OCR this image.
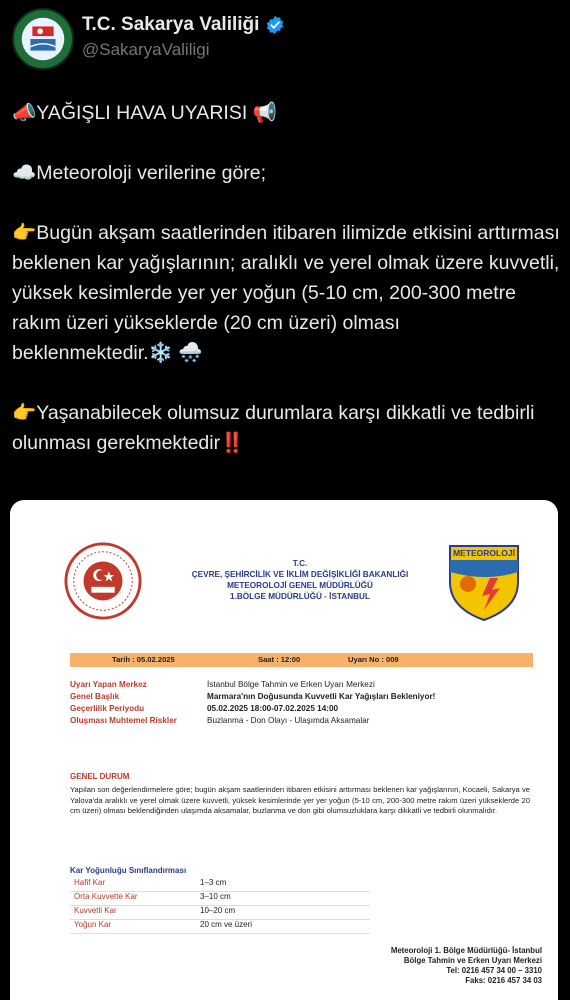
T.C. Sakarya Valiliği
@SakaryaValiligi

📣YAĞIŞLI HAVA UYARISI 📢

☁️Meteoroloji verilerine göre;

👉Bugün akşam saatlerinden itibaren ilimizde etkisini arttırması beklenen kar yağışlarının; aralıklı ve yerel olmak üzere kuvvetli, yüksek kesimlerde yer yer yoğun (5-10 cm, 200-300 metre rakım üzeri yükseklerde (20 cm üzeri) olması beklenmektedir.❄️ 🌨️

👉Yaşanabilecek olumsuz durumlara karşı dikkatli ve tedbirli olunması gerekmektedir‼️

T.C.
ÇEVRE, ŞEHİRCİLİK VE İKLİM DEĞİŞİKLİĞİ BAKANLIĞI
METEOROLOJİ GENEL MÜDÜRLÜĞÜ
1.BÖLGE MÜDÜRLÜĞÜ - İSTANBUL
METEOROLOJİ
Tarih : 05.02.2025	Saat : 12:00	Uyarı No : 009
Uyarı Yapan Merkez	İstanbul Bölge Tahmin ve Erken Uyarı Merkezi
Genel Başlık	Marmara'nın Doğusunda Kuvvetli Kar Yağışları Bekleniyor!
Geçerlilik Periyodu	05.02.2025 18:00-07.02.2025 14:00
Oluşması Muhtemel Riskler	Buzlanma - Don Olayı - Ulaşımda Aksamalar
GENEL DURUM
Yapılan son değerlendirmelere göre; bugün akşam saatlerinden itibaren etkisini arttırması beklenen kar yağışlarının, Kocaeli, Sakarya ve Yalova'da aralıklı ve yerel olmak üzere kuvvetli, yüksek kesimlerinde yer yer yoğun (5-10 cm, 200-300 metre rakım üzeri yükseklerde 20 cm üzeri) olması beklendiğinden ulaşımda aksamalar, buzlanma ve don gibi olumsuzluklara karşı dikkatli ve tedbirli olunmalıdır.
Kar Yoğunluğu Sınıflandırması
Hafif Kar	1–3 cm
Orta Kuvvette Kar	3–10 cm
Kuvvetli Kar	10–20 cm
Yoğun Kar	20 cm ve üzeri
Meteoroloji 1. Bölge Müdürlüğü- İstanbul
Bölge Tahmin ve Erken Uyarı Merkezi
Tel: 0216 457 34 00 – 3310
Faks: 0216 457 34 03
